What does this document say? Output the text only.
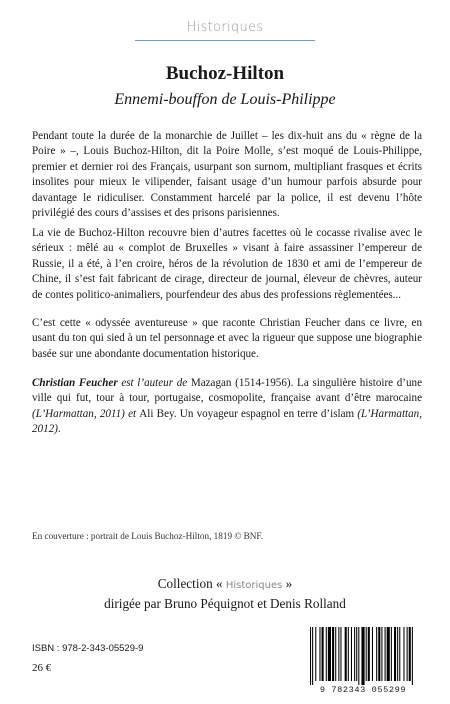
Historiques
Buchoz-Hilton
Ennemi-bouffon de Louis-Philippe

Pendant toute la durée de la monarchie de Juillet – les dix-huit ans du « règne de la Poire » –, Louis Buchoz-Hilton, dit la Poire Molle, s’est moqué de Louis-Philippe, premier et dernier roi des Français, usurpant son surnom, multipliant frasques et écrits insolites pour mieux le vilipender, faisant usage d’un humour parfois absurde pour davantage le ridiculiser. Constamment harcelé par la police, il est devenu l’hôte privilégié des cours d’assises et des prisons parisiennes.

La vie de Buchoz-Hilton recouvre bien d’autres facettes où le cocasse rivalise avec le sérieux : mêlé au « complot de Bruxelles » visant à faire assassiner l’empereur de Russie, il a été, à l’en croire, héros de la révolution de 1830 et ami de l’empereur de Chine, il s’est fait fabricant de cirage, directeur de journal, éleveur de chèvres, auteur de contes politico-animaliers, pourfendeur des abus des professions règlementées...

C’est cette « odyssée aventureuse » que raconte Christian Feucher dans ce livre, en usant du ton qui sied à un tel personnage et avec la rigueur que suppose une biographie basée sur une abondante documentation historique.

Christian Feucher est l’auteur de Mazagan (1514-1956). La singulière histoire d’une ville qui fut, tour à tour, portugaise, cosmopolite, française avant d’être marocaine (L’Harmattan, 2011) et Ali Bey. Un voyageur espagnol en terre d’islam (L’Harmattan, 2012).

En couverture : portrait de Louis Buchoz-Hilton, 1819 © BNF.
Collection « Historiques »
dirigée par Bruno Péquignot et Denis Rolland
ISBN : 978-2-343-05529-9
26 €
9 782343 055299
